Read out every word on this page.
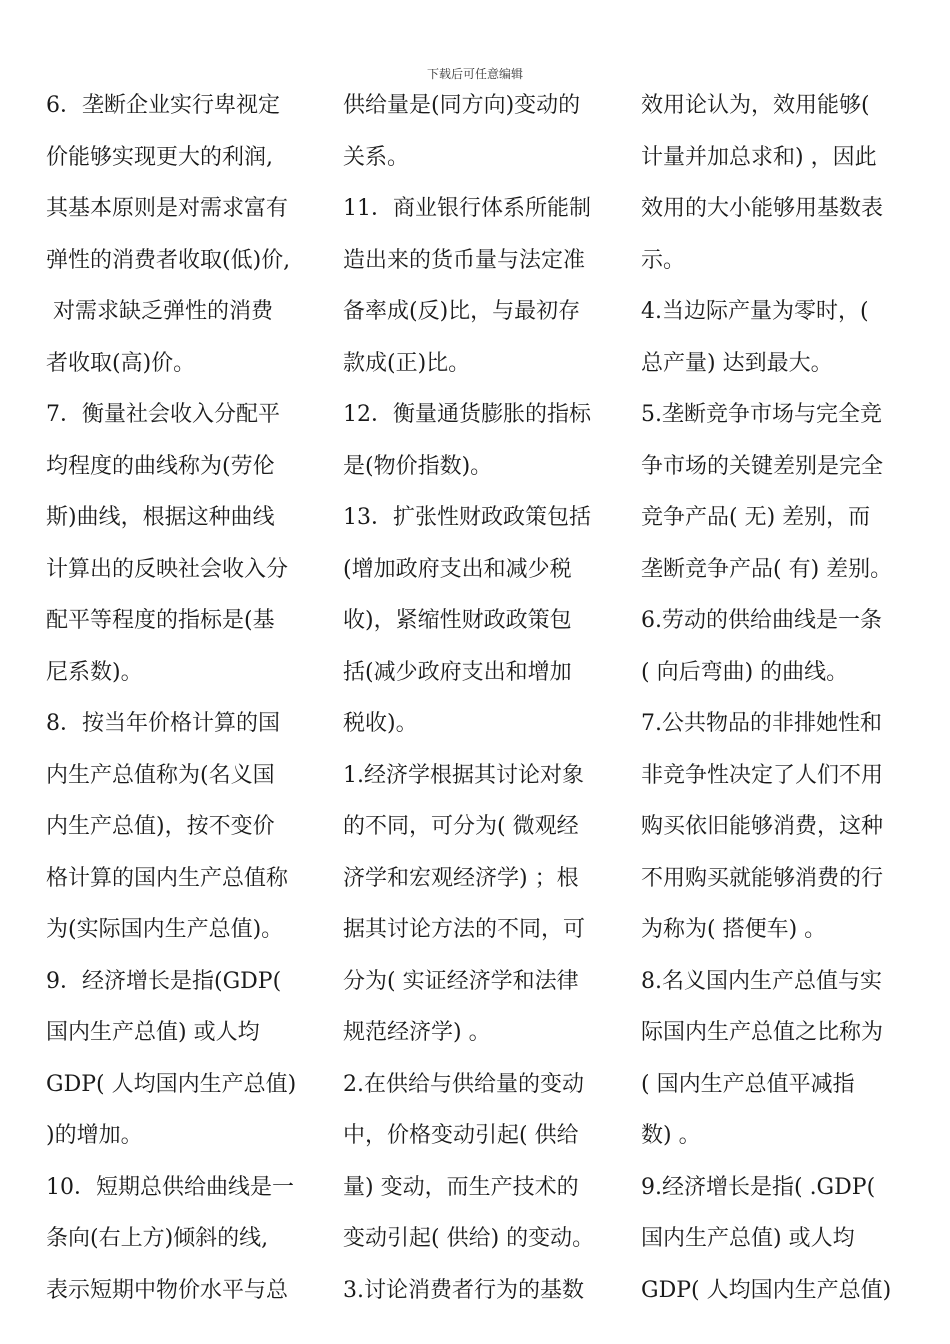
下载后可任意编辑
6．垄断企业实行卑视定
价能够实现更大的利润,
其基本原则是对需求富有
弹性的消费者收取(低)价,
对需求缺乏弹性的消费
者收取(高)价。
7．衡量社会收入分配平
均程度的曲线称为(劳伦
斯)曲线，根据这种曲线
计算出的反映社会收入分
配平等程度的指标是(基
尼系数)。
8．按当年价格计算的国
内生产总值称为(名义国
内生产总值)，按不变价
格计算的国内生产总值称
为(实际国内生产总值)。
9．经济增长是指(GDP(
国内生产总值) 或人均
GDP( 人均国内生产总值)
)的增加。
10．短期总供给曲线是一
条向(右上方)倾斜的线,
表示短期中物价水平与总
供给量是(同方向)变动的
关系。
11．商业银行体系所能制
造出来的货币量与法定准
备率成(反)比，与最初存
款成(正)比。
12．衡量通货膨胀的指标
是(物价指数)。
13．扩张性财政政策包括
(增加政府支出和减少税
收)，紧缩性财政政策包
括(减少政府支出和增加
税收)。
1.经济学根据其讨论对象
的不同，可分为( 微观经
济学和宏观经济学) ；根
据其讨论方法的不同，可
分为( 实证经济学和法律
规范经济学) 。
2.在供给与供给量的变动
中，价格变动引起( 供给
量) 变动，而生产技术的
变动引起( 供给) 的变动。
3.讨论消费者行为的基数
效用论认为，效用能够(
计量并加总求和) ，因此
效用的大小能够用基数表
示。
4.当边际产量为零时，(
总产量) 达到最大。
5.垄断竞争市场与完全竞
争市场的关键差别是完全
竞争产品( 无) 差别，而
垄断竞争产品( 有) 差别。
6.劳动的供给曲线是一条
( 向后弯曲) 的曲线。
7.公共物品的非排她性和
非竞争性决定了人们不用
购买依旧能够消费，这种
不用购买就能够消费的行
为称为( 搭便车) 。
8.名义国内生产总值与实
际国内生产总值之比称为
( 国内生产总值平减指
数) 。
9.经济增长是指( .GDP(
国内生产总值) 或人均
GDP( 人均国内生产总值)
